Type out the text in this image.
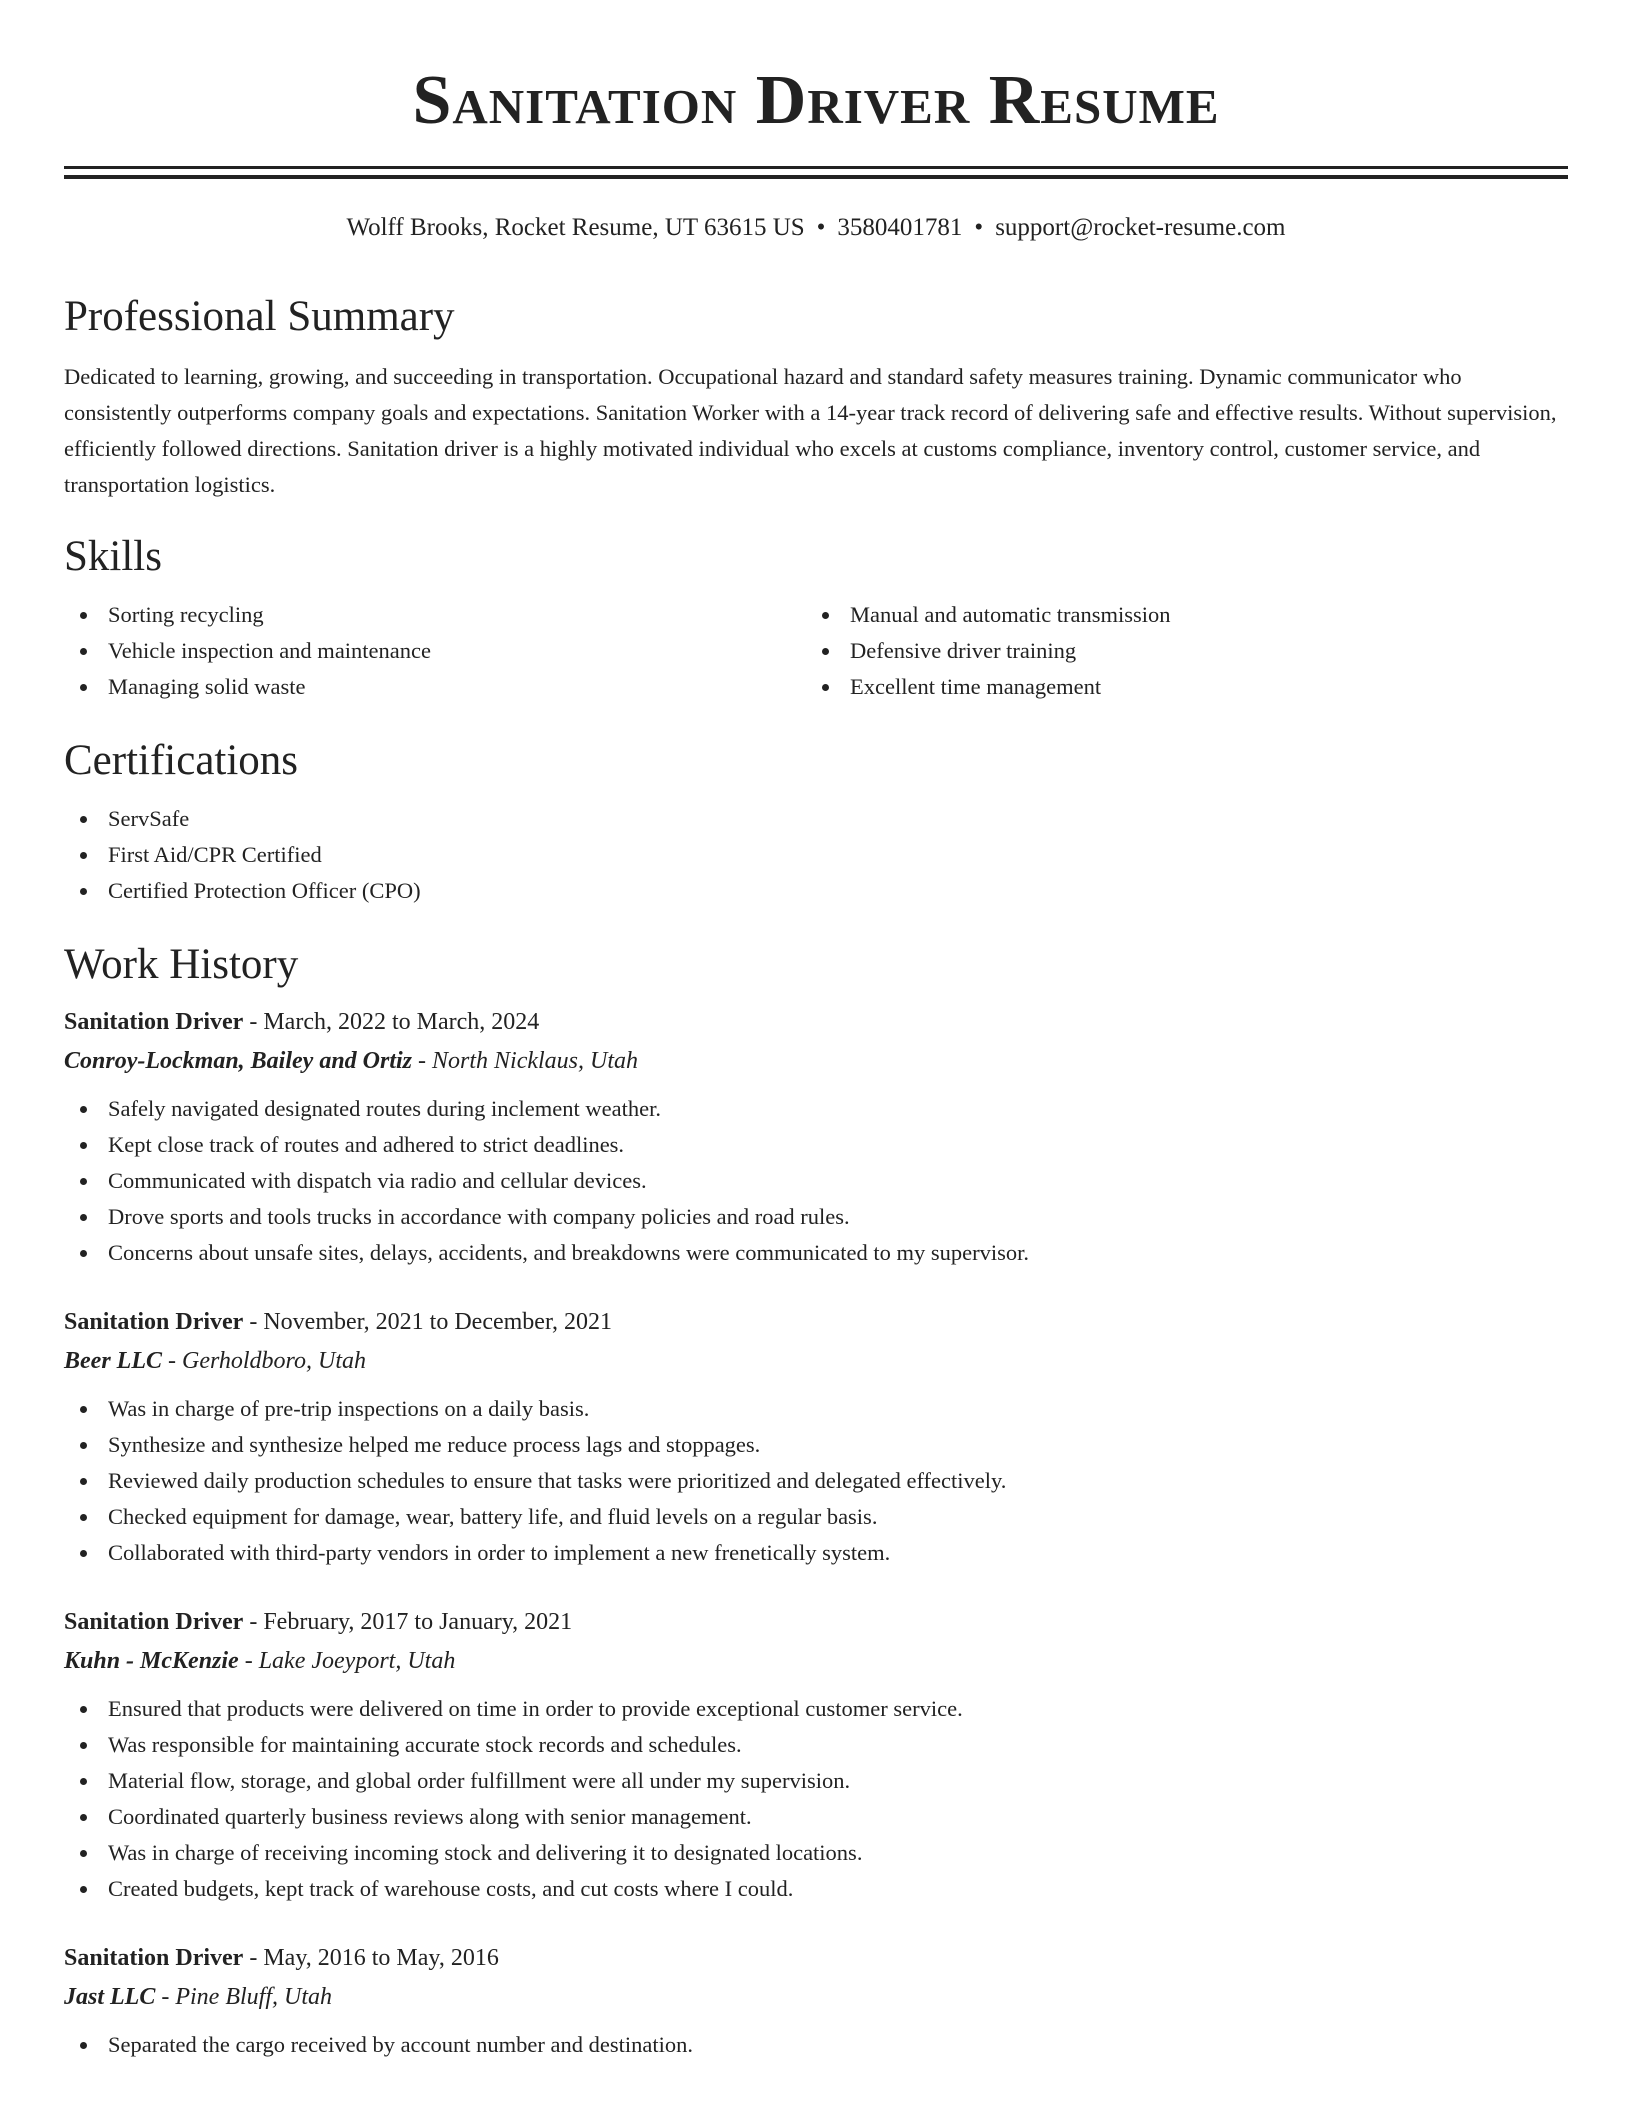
Sanitation Driver Resume
Wolff Brooks, Rocket Resume, UT 63615 US • 3580401781 • support@rocket-resume.com
Professional Summary

Dedicated to learning, growing, and succeeding in transportation. Occupational hazard and standard safety measures training. Dynamic communicator who consistently outperforms company goals and expectations. Sanitation Worker with a 14-year track record of delivering safe and effective results. Without supervision, efficiently followed directions. Sanitation driver is a highly motivated individual who excels at customs compliance, inventory control, customer service, and transportation logistics.

Skills
Sorting recycling
Vehicle inspection and maintenance
Managing solid waste
Manual and automatic transmission
Defensive driver training
Excellent time management
Certifications
ServSafe
First Aid/CPR Certified
Certified Protection Officer (CPO)
Work History

Sanitation Driver - March, 2022 to March, 2024

Conroy-Lockman, Bailey and Ortiz - North Nicklaus, Utah

Safely navigated designated routes during inclement weather.
Kept close track of routes and adhered to strict deadlines.
Communicated with dispatch via radio and cellular devices.
Drove sports and tools trucks in accordance with company policies and road rules.
Concerns about unsafe sites, delays, accidents, and breakdowns were communicated to my supervisor.

Sanitation Driver - November, 2021 to December, 2021

Beer LLC - Gerholdboro, Utah

Was in charge of pre-trip inspections on a daily basis.
Synthesize and synthesize helped me reduce process lags and stoppages.
Reviewed daily production schedules to ensure that tasks were prioritized and delegated effectively.
Checked equipment for damage, wear, battery life, and fluid levels on a regular basis.
Collaborated with third-party vendors in order to implement a new frenetically system.

Sanitation Driver - February, 2017 to January, 2021

Kuhn - McKenzie - Lake Joeyport, Utah

Ensured that products were delivered on time in order to provide exceptional customer service.
Was responsible for maintaining accurate stock records and schedules.
Material flow, storage, and global order fulfillment were all under my supervision.
Coordinated quarterly business reviews along with senior management.
Was in charge of receiving incoming stock and delivering it to designated locations.
Created budgets, kept track of warehouse costs, and cut costs where I could.

Sanitation Driver - May, 2016 to May, 2016

Jast LLC - Pine Bluff, Utah

Separated the cargo received by account number and destination.
